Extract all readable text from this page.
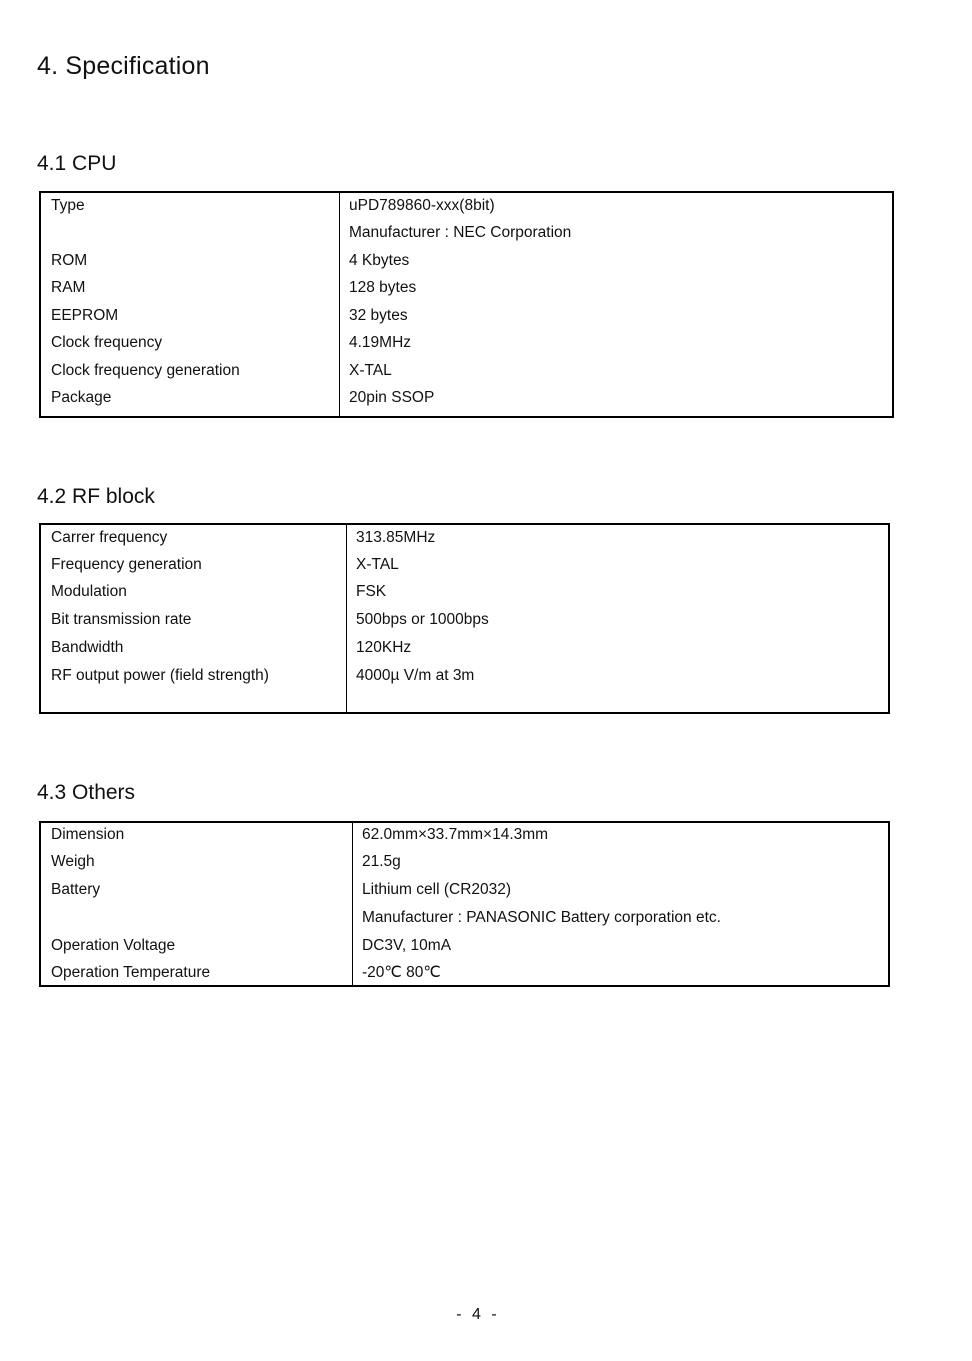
4. Specification
4.1 CPU
Type	uPD789860-xxx(8bit)
Manufacturer : NEC Corporation
ROM	4 Kbytes
RAM	128 bytes
EEPROM	32 bytes
Clock frequency	4.19MHz
Clock frequency generation	X-TAL
Package	20pin SSOP
4.2 RF block
Carrer frequency	313.85MHz
Frequency generation	X-TAL
Modulation	FSK
Bit transmission rate	500bps or 1000bps
Bandwidth	120KHz
RF output power (field strength)	4000µ V/m at 3m
4.3 Others
Dimension	62.0mm×33.7mm×14.3mm
Weigh	21.5g
Battery	Lithium cell (CR2032)
Manufacturer : PANASONIC Battery corporation etc.
Operation Voltage	DC3V, 10mA
Operation Temperature	-20℃ 80℃
- 4 -
